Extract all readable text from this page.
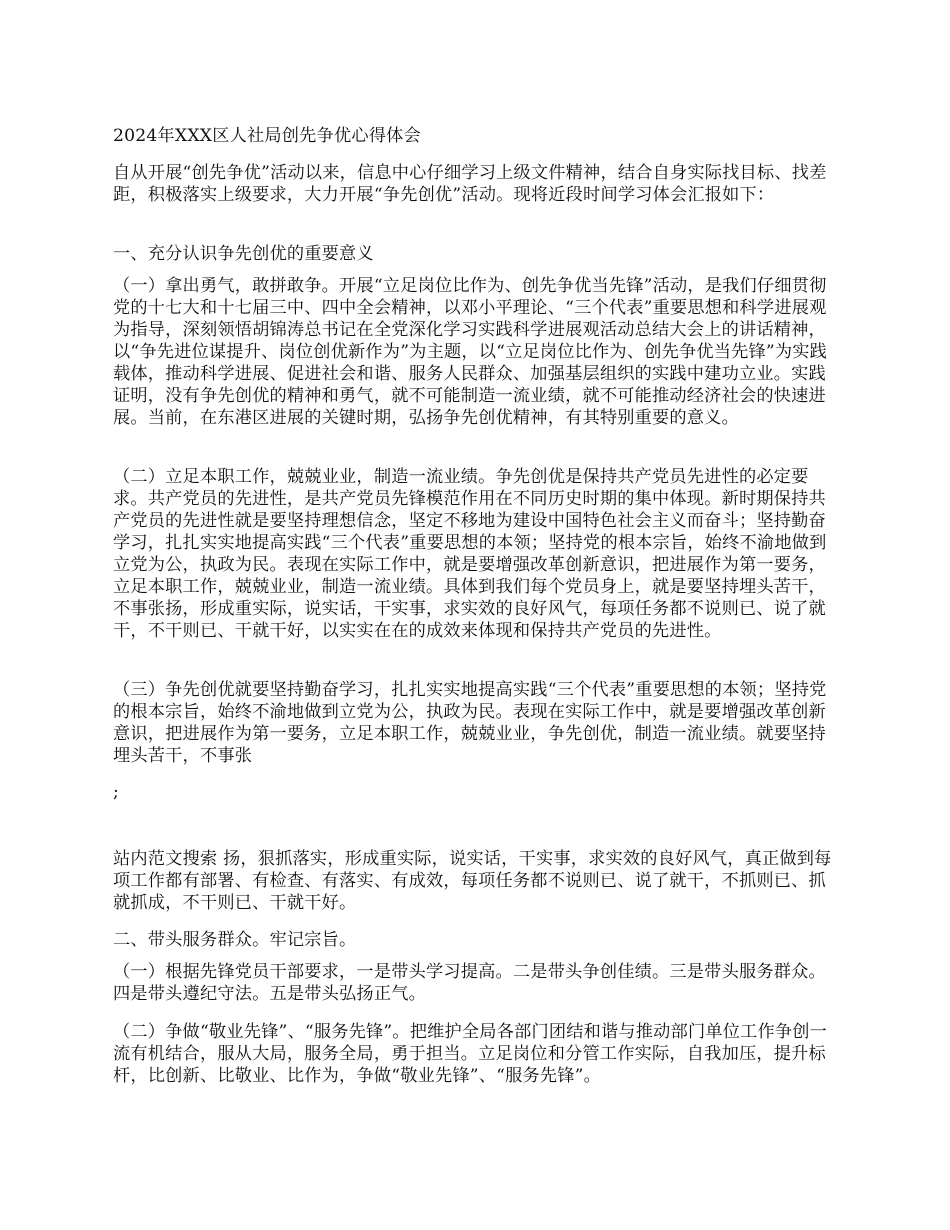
2024年XXX区人社局创先争优心得体会

自从开展“创先争优”活动以来，信息中心仔细学习上级文件精神，结合自身实际找目标、找差距，积极落实上级要求，大力开展“争先创优”活动。现将近段时间学习体会汇报如下：

一、充分认识争先创优的重要意义

（一）拿出勇气，敢拼敢争。开展“立足岗位比作为、创先争优当先锋”活动，是我们仔细贯彻党的十七大和十七届三中、四中全会精神，以邓小平理论、“三个代表”重要思想和科学进展观为指导，深刻领悟胡锦涛总书记在全党深化学习实践科学进展观活动总结大会上的讲话精神，以“争先进位谋提升、岗位创优新作为”为主题，以“立足岗位比作为、创先争优当先锋”为实践载体，推动科学进展、促进社会和谐、服务人民群众、加强基层组织的实践中建功立业。实践证明，没有争先创优的精神和勇气，就不可能制造一流业绩，就不可能推动经济社会的快速进展。当前，在东港区进展的关键时期，弘扬争先创优精神，有其特别重要的意义。

（二）立足本职工作，兢兢业业，制造一流业绩。争先创优是保持共产党员先进性的必定要求。共产党员的先进性，是共产党员先锋模范作用在不同历史时期的集中体现。新时期保持共产党员的先进性就是要坚持理想信念，坚定不移地为建设中国特色社会主义而奋斗；坚持勤奋学习，扎扎实实地提高实践“三个代表”重要思想的本领；坚持党的根本宗旨，始终不渝地做到立党为公，执政为民。表现在实际工作中，就是要增强改革创新意识，把进展作为第一要务，立足本职工作，兢兢业业，制造一流业绩。具体到我们每个党员身上，就是要坚持埋头苦干，不事张扬，形成重实际，说实话，干实事，求实效的良好风气，每项任务都不说则已、说了就干，不干则已、干就干好，以实实在在的成效来体现和保持共产党员的先进性。

（三）争先创优就要坚持勤奋学习，扎扎实实地提高实践“三个代表”重要思想的本领；坚持党的根本宗旨，始终不渝地做到立党为公，执政为民。表现在实际工作中，就是要增强改革创新意识，把进展作为第一要务，立足本职工作，兢兢业业，争先创优，制造一流业绩。就要坚持埋头苦干，不事张

;

站内范文搜索 扬，狠抓落实，形成重实际，说实话，干实事，求实效的良好风气，真正做到每项工作都有部署、有检查、有落实、有成效，每项任务都不说则已、说了就干，不抓则已、抓就抓成，不干则已、干就干好。

二、带头服务群众。牢记宗旨。

（一）根据先锋党员干部要求，一是带头学习提高。二是带头争创佳绩。三是带头服务群众。四是带头遵纪守法。五是带头弘扬正气。

（二）争做“敬业先锋”、“服务先锋”。把维护全局各部门团结和谐与推动部门单位工作争创一流有机结合，服从大局，服务全局，勇于担当。立足岗位和分管工作实际，自我加压，提升标杆，比创新、比敬业、比作为，争做“敬业先锋”、“服务先锋”。
